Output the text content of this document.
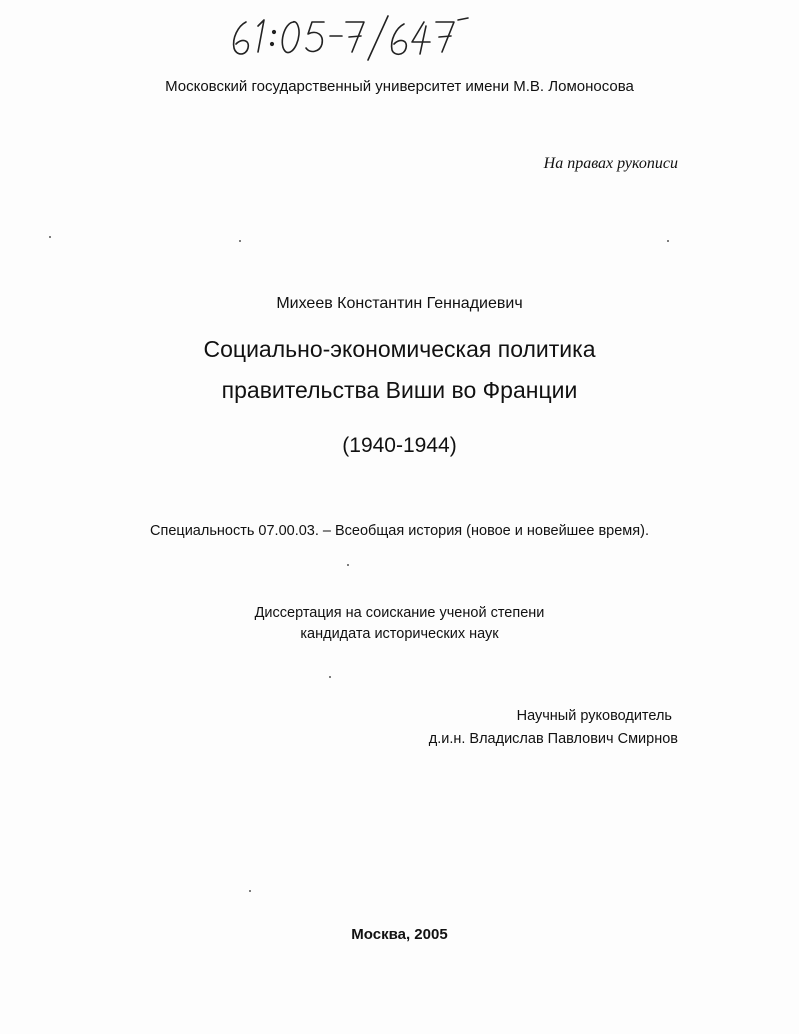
Московский государственный университет имени М.В. Ломоносова
На правах рукописи
Михеев Константин Геннадиевич
Социально-экономическая политика
правительства Виши во Франции
(1940-1944)
Специальность 07.00.03. – Всеобщая история (новое и новейшее время).
Диссертация на соискание ученой степени
кандидата исторических наук
Научный руководитель
д.и.н. Владислав Павлович Смирнов
Москва, 2005
